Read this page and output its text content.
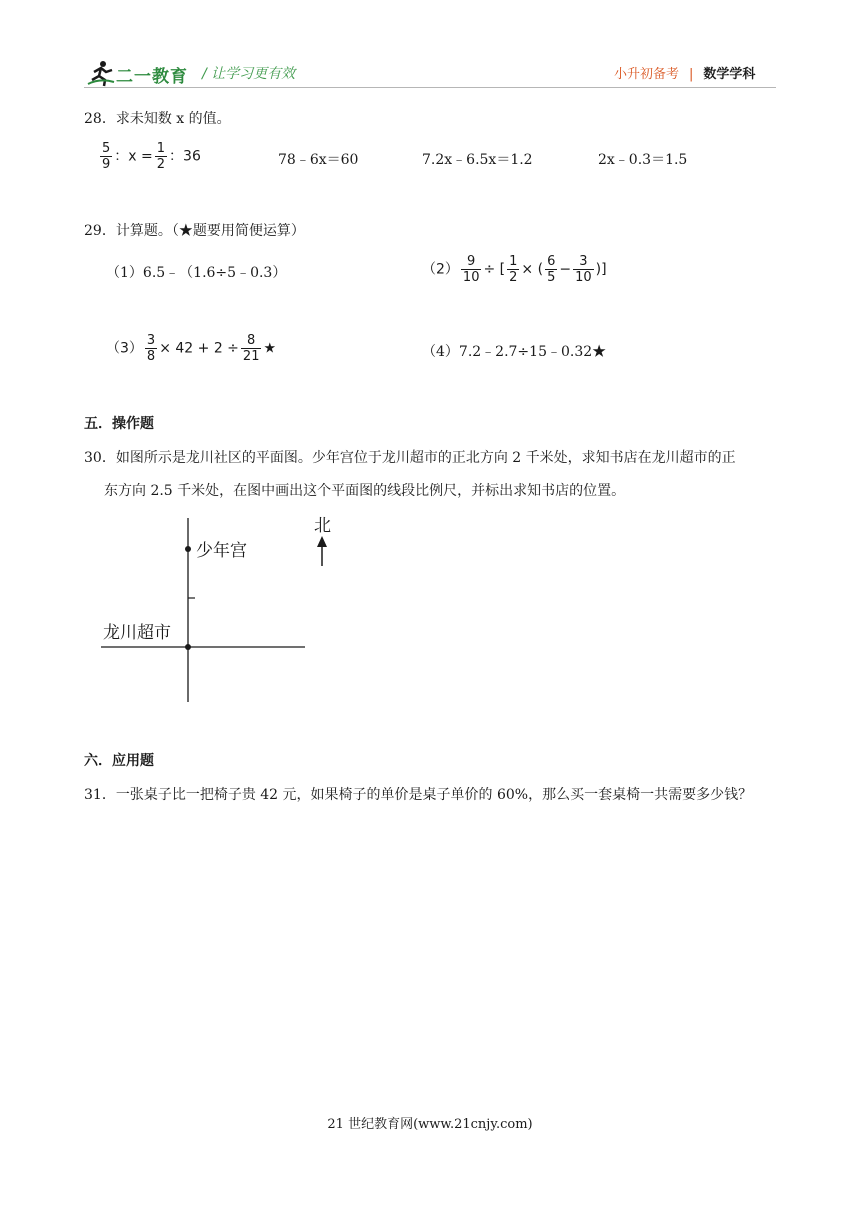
二一教育 / 让学习更有效	小升初备考 | 数学学科
28．求未知数 x 的值。
$\frac{5}{9}$ ：$x = \frac{1}{2}$ ：36	78﹣6x＝60	7.2x﹣6.5x＝1.2	2x﹣0.3＝1.5
29．计算题。（★题要用简便运算）
（1）6.5﹣（1.6÷5﹣0.3）	$(2) \frac{9}{10}$ ÷ [ $\frac{1}{2}$ × ( $\frac{6}{5} - \frac{3}{10}$ )]
$(3) \frac{3}{8} \times 42 + 2 \div \frac{8}{21}$ ★	（4）7.2﹣2.7÷15﹣0.32★
五．操作题
30．如图所示是龙川社区的平面图。少年宫位于龙川超市的正北方向 2 千米处，求知书店在龙川超市的正
东方向 2.5 千米处，在图中画出这个平面图的线段比例尺，并标出求知书店的位置。
北
少年宫
龙川超市
六．应用题
31．一张桌子比一把椅子贵 42 元，如果椅子的单价是桌子单价的 60%，那么买一套桌椅一共需要多少钱？
21 世纪教育网(www.21cnjy.com)
